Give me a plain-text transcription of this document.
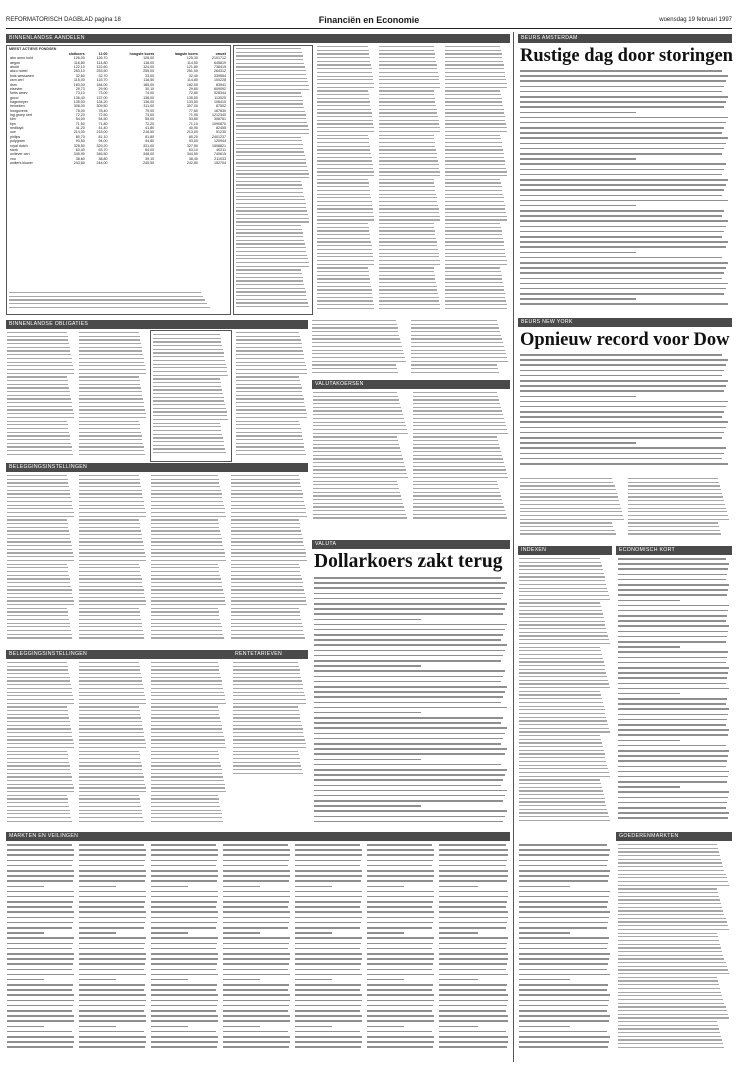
REFORMATORISCH DAGBLAD pagina 18	Financiën en Economie	woensdag 19 februari 1997
BINNENLANDSE AANDELEN
MEEST ACTIEVE FONDSEN
	slotkoers	11:00	hoogste koers	laagste koers	omzet
abn amro hold	126,00	126,70	128,00	125,30	2101712
aegon	116,80	114,80	118,00	114,50	645819
ahold	122,10	122,60	124,00	121,80	738419
akzo nobel	253,10	253,50	255,00	251,00	264312
bols wessanen	32,60	32,70	33,00	32,40	339554
csm cert	115,00	115,70	116,50	114,80	100228
dsm	183,00	184,00	185,00	182,00	83941
elsevier	29,73	29,90	30,10	29,60	609092
fortis amev	73,10	73,00	74,00	72,80	528344
gucci	136,40	137,00	138,00	135,50	113025
hagemeyer	135,00	134,20	136,00	133,50	106410
heineken	308,00	309,50	311,00	307,00	87502
hoogovens	78,00	78,40	79,00	77,60	167830
ing groep cert	72,20	72,50	73,00	71,90	1212340
klm	54,00	54,50	55,00	53,80	308761
kpn	71,50	71,80	72,20	71,10	1090870
nedlloyd	41,20	41,40	41,80	40,90	82455
oce	214,00	215,00	216,50	213,00	51230
philips	80,70	81,10	81,80	80,20	2401237
polygram	93,50	94,00	94,80	93,00	120944
royal dutch	328,50	329,20	331,00	327,50	1508821
stork	63,40	63,70	64,00	63,10	40211
unilever cert	345,90	346,50	348,00	344,50	740615
vnu	38,60	38,80	39,10	38,40	211033
wolters kluwer	243,60	244,00	245,50	242,80	152704
BINNENLANDSE OBLIGATIES
BELEGGINGSINSTELLINGEN
BELEGGINGSINSTELLINGEN	RENTETARIEVEN
VALUTAKOERSEN
VALUTA
Dollarkoers zakt terug
MARKTEN EN VEILINGEN
BEURS AMSTERDAM
Rustige dag door storingen
BEURS NEW YORK
Opnieuw record voor Dow
INDEXEN	ECONOMISCH KORT
GOEDERENMARKTEN
